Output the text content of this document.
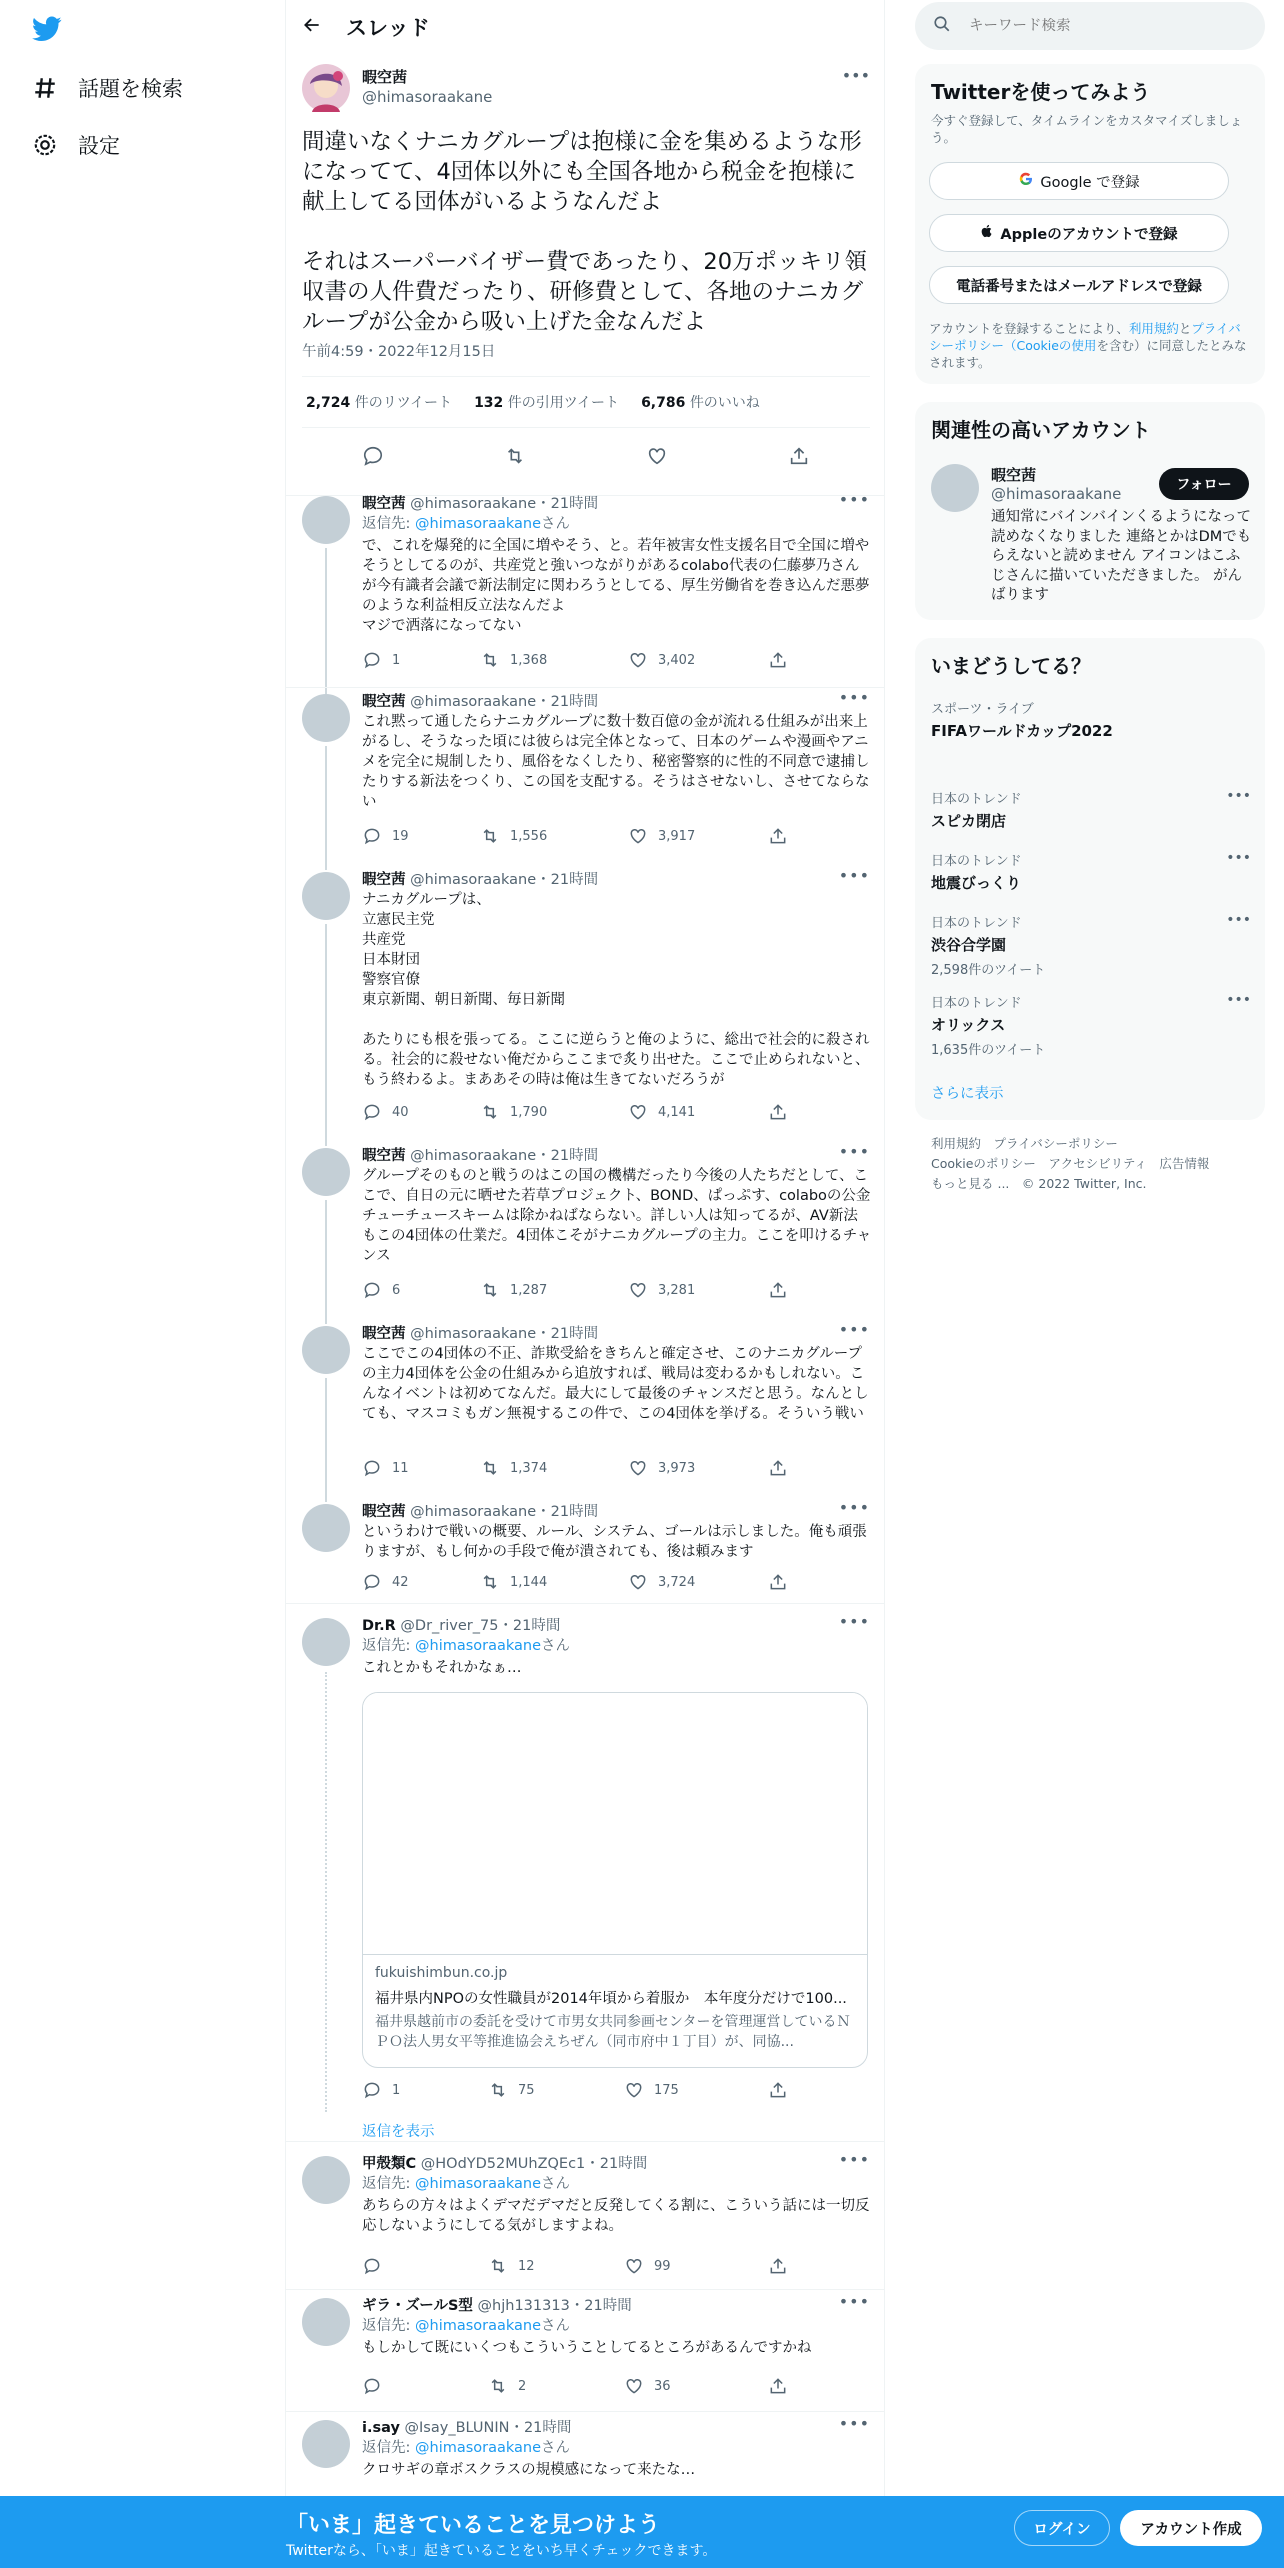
話題を検索
設定
スレッド
暇空茜
@himasoraakane
•••
間違いなくナニカグループは抱様に金を集めるような形になってて、4団体以外にも全国各地から税金を抱様に献上してる団体がいるようなんだよ

それはスーパーバイザー費であったり、20万ポッキリ領収書の人件費だったり、研修費として、各地のナニカグループが公金から吸い上げた金なんだよ
午前4:59・2022年12月15日
2,724 件のリツイート 132 件の引用ツイート 6,786 件のいいね
暇空茜 @himasoraakane・21時間	•••
返信先: @himasoraakaneさん
で、これを爆発的に全国に増やそう、と。若年被害女性支援名目で全国に増やそうとしてるのが、共産党と強いつながりがあるcolabo代表の仁藤夢乃さんが今有識者会議で新法制定に関わろうとしてる、厚生労働省を巻き込んだ悪夢のような利益相反立法なんだよ
マジで洒落になってない
1	1,368	3,402
暇空茜 @himasoraakane・21時間	•••
これ黙って通したらナニカグループに数十数百億の金が流れる仕組みが出来上がるし、そうなった頃には彼らは完全体となって、日本のゲームや漫画やアニメを完全に規制したり、風俗をなくしたり、秘密警察的に性的不同意で逮捕したりする新法をつくり、この国を支配する。そうはさせないし、させてならない
19	1,556	3,917
暇空茜 @himasoraakane・21時間	•••
ナニカグループは、
立憲民主党
共産党
日本財団
警察官僚
東京新聞、朝日新聞、毎日新聞

あたりにも根を張ってる。ここに逆らうと俺のように、総出で社会的に殺される。社会的に殺せない俺だからここまで炙り出せた。ここで止められないと、もう終わるよ。まああその時は俺は生きてないだろうが
40	1,790	4,141
暇空茜 @himasoraakane・21時間	•••
グループそのものと戦うのはこの国の機構だったり今後の人たちだとして、ここで、自日の元に晒せた若草プロジェクト、BOND、ぱっぷす、colaboの公金チューチュースキームは除かねばならない。詳しい人は知ってるが、AV新法もこの4団体の仕業だ。4団体こそがナニカグループの主力。ここを叩けるチャンス
6	1,287	3,281
暇空茜 @himasoraakane・21時間	•••
ここでこの4団体の不正、詐欺受給をきちんと確定させ、このナニカグループの主力4団体を公金の仕組みから追放すれば、戦局は変わるかもしれない。こんなイベントは初めてなんだ。最大にして最後のチャンスだと思う。なんとしても、マスコミもガン無視するこの件で、この4団体を挙げる。そういう戦い
11	1,374	3,973
暇空茜 @himasoraakane・21時間	•••
というわけで戦いの概要、ルール、システム、ゴールは示しました。俺も頑張りますが、もし何かの手段で俺が潰されても、後は頼みます
42	1,144	3,724
Dr.R @Dr_river_75・21時間	•••
返信先: @himasoraakaneさん
これとかもそれかなぁ…
fukuishimbun.co.jp
福井県内NPOの女性職員が2014年頃から着服か　本年度分だけで100...
福井県越前市の委託を受けて市男女共同参画センターを管理運営しているＮＰＯ法人男女平等推進協会えちぜん（同市府中１丁目）が、同協...
1	75	175
返信を表示
甲殻類C @HOdYD52MUhZQEc1・21時間	•••
返信先: @himasoraakaneさん
あちらの方々はよくデマだデマだと反発してくる割に、こういう話には一切反応しないようにしてる気がしますよね。
12	99
ギラ・ズールS型 @hjh131313・21時間	•••
返信先: @himasoraakaneさん
もしかして既にいくつもこういうことしてるところがあるんですかね
2	36
i.say @Isay_BLUNIN・21時間	•••
返信先: @himasoraakaneさん
クロサギの章ボスクラスの規模感になって来たな…
キーワード検索
Twitterを使ってみよう
今すぐ登録して、タイムラインをカスタマイズしましょう。
Google で登録
Appleのアカウントで登録
電話番号またはメールアドレスで登録
アカウントを登録することにより、利用規約とプライバシーポリシー（Cookieの使用を含む）に同意したとみなされます。
関連性の高いアカウント
暇空茜
@himasoraakane	フォロー
通知常にバインバインくるようになって読めなくなりました 連絡とかはDMでもらえないと読めません アイコンはこふじさんに描いていただきました。 がんばります
いまどうしてる？
スポーツ・ライブ
FIFAワールドカップ2022
日本のトレンド
スピカ閉店
•••
日本のトレンド
地震びっくり
•••
日本のトレンド
渋谷合学園
2,598件のツイート
•••
日本のトレンド
オリックス
1,635件のツイート
•••
さらに表示
利用規約　 プライバシーポリシー
Cookieのポリシー　 アクセシビリティ　 広告情報
もっと見る ...　 © 2022 Twitter, Inc.
「いま」起きていることを見つけよう
Twitterなら、「いま」起きていることをいち早くチェックできます。
ログイン	アカウント作成
